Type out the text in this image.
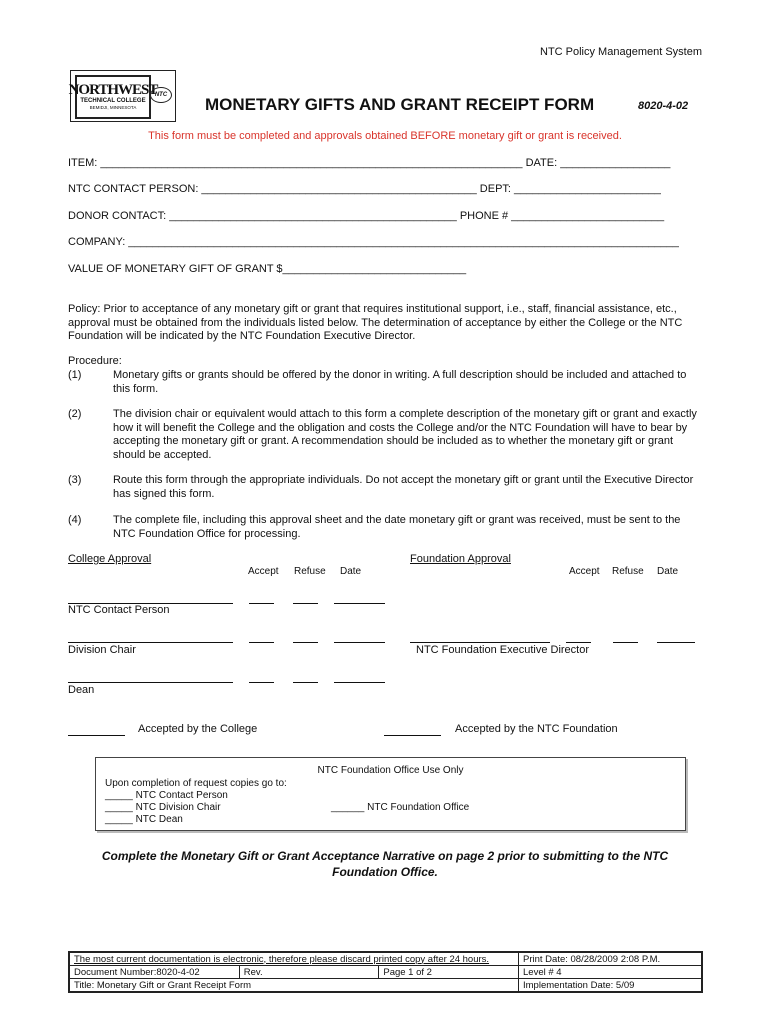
NTC Policy Management System
NORTHWEST
TECHNICAL COLLEGE
BEMIDJI, MINNESOTA
NTC MONETARY GIFTS AND GRANT RECEIPT FORM	8020-4-02
This form must be completed and approvals obtained BEFORE monetary gift or grant is received.
ITEM: _____________________________________________________________________ DATE: __________________
NTC CONTACT PERSON: _____________________________________________ DEPT: ________________________
DONOR CONTACT: _______________________________________________ PHONE # _________________________
COMPANY: __________________________________________________________________________________________
VALUE OF MONETARY GIFT OF GRANT $______________________________
Policy: Prior to acceptance of any monetary gift or grant that requires institutional support, i.e., staff, financial assistance, etc., approval must be obtained from the individuals listed below. The determination of acceptance by either the College or the NTC Foundation will be indicated by the NTC Foundation Executive Director.
Procedure:
(1)	Monetary gifts or grants should be offered by the donor in writing. A full description should be included and attached to this form.
(2)	The division chair or equivalent would attach to this form a complete description of the monetary gift or grant and exactly how it will benefit the College and the obligation and costs the College and/or the NTC Foundation will have to bear by accepting the monetary gift or grant. A recommendation should be included as to whether the monetary gift or grant should be accepted.
(3)	Route this form through the appropriate individuals. Do not accept the monetary gift or grant until the Executive Director has signed this form.
(4)	The complete file, including this approval sheet and the date monetary gift or grant was received, must be sent to the NTC Foundation Office for processing.
College Approval	Foundation Approval
Accept Refuse Date	Accept Refuse Date
NTC Contact Person
Division Chair	NTC Foundation Executive Director
Dean
Accepted by the College	Accepted by the NTC Foundation
NTC Foundation Office Use Only
Upon completion of request copies go to:
_____ NTC Contact Person
_____ NTC Division Chair
_____ NTC Dean
______ NTC Foundation Office
Complete the Monetary Gift or Grant Acceptance Narrative on page 2 prior to submitting to the NTC Foundation Office.
The most current documentation is electronic, therefore please discard printed copy after 24 hours.			Print Date: 08/28/2009 2:08 P.M.
Document Number:8020-4-02	Rev.	Page 1 of 2	Level # 4
Title: Monetary Gift or Grant Receipt Form			Implementation Date: 5/09
